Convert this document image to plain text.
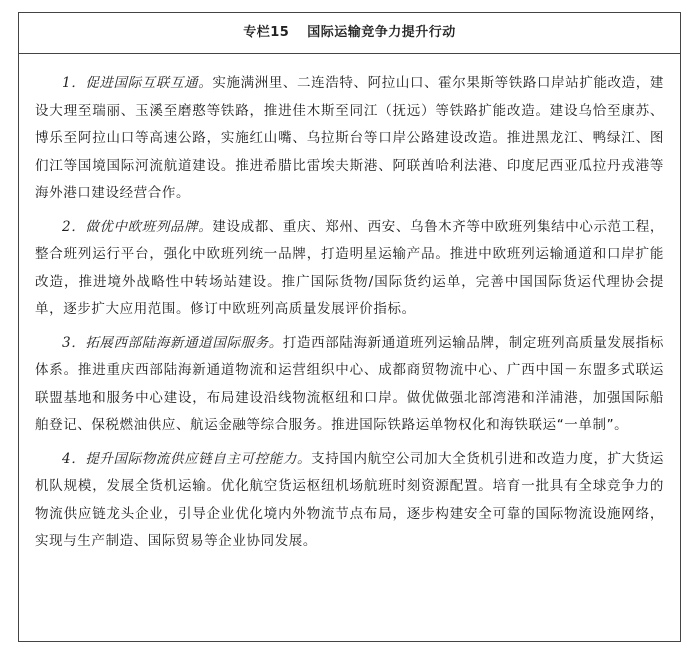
专栏15 国际运输竞争力提升行动

1．促进国际互联互通。实施满洲里、二连浩特、阿拉山口、霍尔果斯等铁路口岸站扩能改造，建设大理至瑞丽、玉溪至磨憨等铁路，推进佳木斯至同江（抚远）等铁路扩能改造。建设乌恰至康苏、博乐至阿拉山口等高速公路，实施红山嘴、乌拉斯台等口岸公路建设改造。推进黑龙江、鸭绿江、图们江等国境国际河流航道建设。推进希腊比雷埃夫斯港、阿联酋哈利法港、印度尼西亚瓜拉丹戎港等海外港口建设经营合作。

2．做优中欧班列品牌。建设成都、重庆、郑州、西安、乌鲁木齐等中欧班列集结中心示范工程，整合班列运行平台，强化中欧班列统一品牌，打造明星运输产品。推进中欧班列运输通道和口岸扩能改造，推进境外战略性中转场站建设。推广国际货物/国际货约运单，完善中国国际货运代理协会提单，逐步扩大应用范围。修订中欧班列高质量发展评价指标。

3．拓展西部陆海新通道国际服务。打造西部陆海新通道班列运输品牌，制定班列高质量发展指标体系。推进重庆西部陆海新通道物流和运营组织中心、成都商贸物流中心、广西中国－东盟多式联运联盟基地和服务中心建设，布局建设沿线物流枢纽和口岸。做优做强北部湾港和洋浦港，加强国际船舶登记、保税燃油供应、航运金融等综合服务。推进国际铁路运单物权化和海铁联运“一单制”。

4．提升国际物流供应链自主可控能力。支持国内航空公司加大全货机引进和改造力度，扩大货运机队规模，发展全货机运输。优化航空货运枢纽机场航班时刻资源配置。培育一批具有全球竞争力的物流供应链龙头企业，引导企业优化境内外物流节点布局，逐步构建安全可靠的国际物流设施网络，实现与生产制造、国际贸易等企业协同发展。
